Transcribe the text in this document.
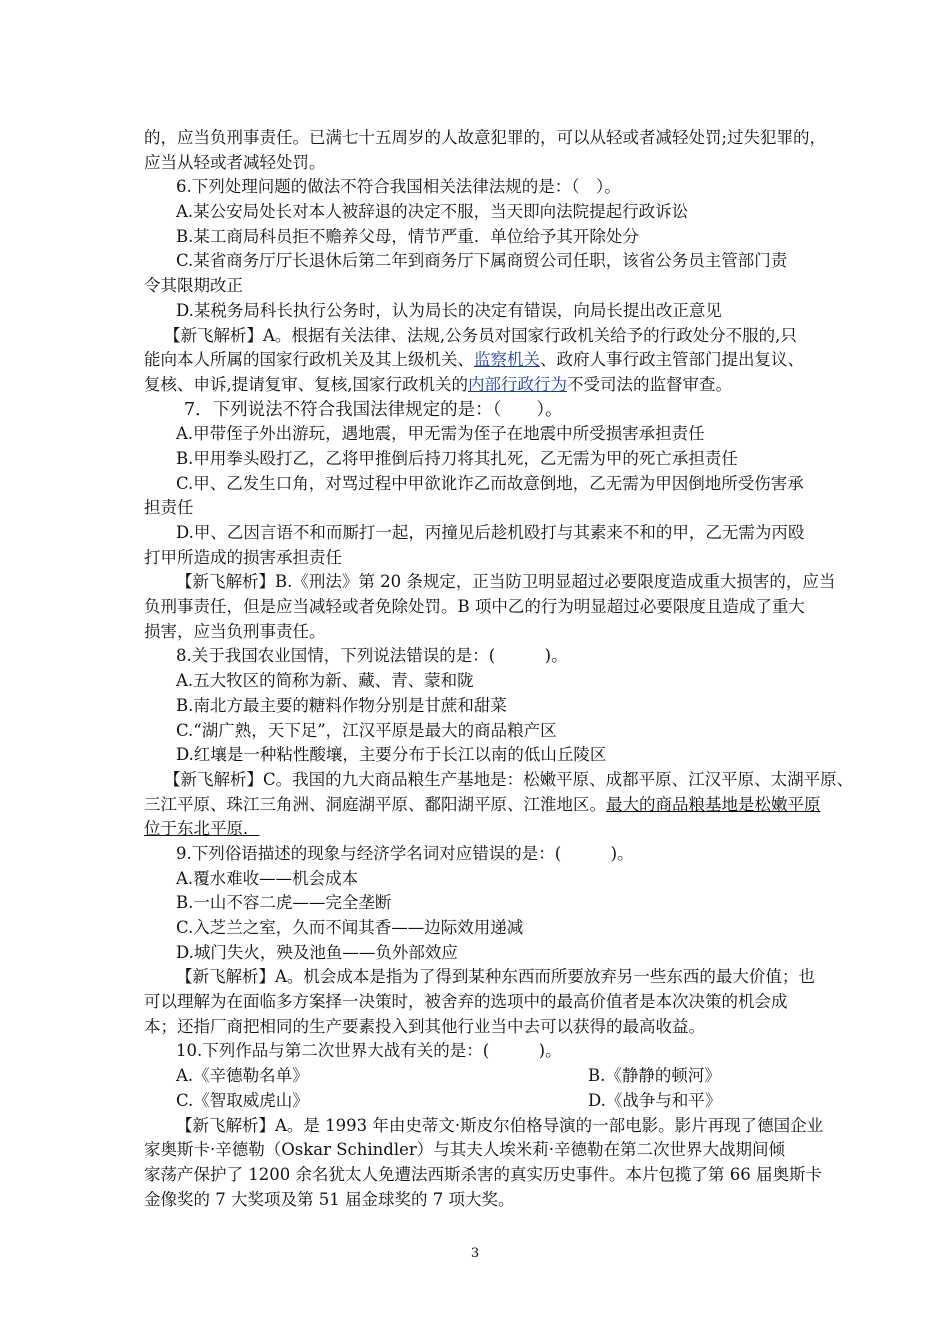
的，应当负刑事责任。已满七十五周岁的人故意犯罪的，可以从轻或者减轻处罚;过失犯罪的，
应当从轻或者减轻处罚。
6.下列处理问题的做法不符合我国相关法律法规的是：（　）。
A.某公安局处长对本人被辞退的决定不服，当天即向法院提起行政诉讼
B.某工商局科员拒不赡养父母，情节严重．单位给予其开除处分
C.某省商务厅厅长退休后第二年到商务厅下属商贸公司任职，该省公务员主管部门责
令其限期改正
D.某税务局科长执行公务时，认为局长的决定有错误，向局长提出改正意见
【新飞解析】A。根据有关法律、法规,公务员对国家行政机关给予的行政处分不服的,只
能向本人所属的国家行政机关及其上级机关、监察机关、政府人事行政主管部门提出复议、
复核、申诉,提请复审、复核,国家行政机关的内部行政行为不受司法的监督审查。
7．下列说法不符合我国法律规定的是：（　　）。
A.甲带侄子外出游玩，遇地震，甲无需为侄子在地震中所受损害承担责任
B.甲用拳头殴打乙，乙将甲推倒后持刀将其扎死，乙无需为甲的死亡承担责任
C.甲、乙发生口角，对骂过程中甲欲讹诈乙而故意倒地，乙无需为甲因倒地所受伤害承
担责任
D.甲、乙因言语不和而厮打一起，丙撞见后趁机殴打与其素来不和的甲，乙无需为丙殴
打甲所造成的损害承担责任
【新飞解析】B.《刑法》第 20 条规定，正当防卫明显超过必要限度造成重大损害的，应当
负刑事责任，但是应当减轻或者免除处罚。B 项中乙的行为明显超过必要限度且造成了重大
损害，应当负刑事责任。
8.关于我国农业国情，下列说法错误的是：(　　　)。
A.五大牧区的简称为新、藏、青、蒙和陇
B.南北方最主要的糖料作物分别是甘蔗和甜菜
C.“湖广熟，天下足”，江汉平原是最大的商品粮产区
D.红壤是一种粘性酸壤，主要分布于长江以南的低山丘陵区
【新飞解析】C。我国的九大商品粮生产基地是：松嫩平原、成都平原、江汉平原、太湖平原、
三江平原、珠江三角洲、洞庭湖平原、鄱阳湖平原、江淮地区。最大的商品粮基地是松嫩平原
位于东北平原．
9.下列俗语描述的现象与经济学名词对应错误的是：(　　　)。
A.覆水难收——机会成本
B.一山不容二虎——完全垄断
C.入芝兰之室，久而不闻其香——边际效用递减
D.城门失火，殃及池鱼——负外部效应
【新飞解析】A。机会成本是指为了得到某种东西而所要放弃另一些东西的最大价值；也
可以理解为在面临多方案择一决策时，被舍弃的选项中的最高价值者是本次决策的机会成
本；还指厂商把相同的生产要素投入到其他行业当中去可以获得的最高收益。
10.下列作品与第二次世界大战有关的是：(　　　)。
A.《辛德勒名单》	B.《静静的顿河》
C.《智取威虎山》	D.《战争与和平》
【新飞解析】A。是 1993 年由史蒂文·斯皮尔伯格导演的一部电影。影片再现了德国企业
家奥斯卡·辛德勒（Oskar Schindler）与其夫人埃米莉·辛德勒在第二次世界大战期间倾
家荡产保护了 1200 余名犹太人免遭法西斯杀害的真实历史事件。本片包揽了第 66 届奥斯卡
金像奖的 7 大奖项及第 51 届金球奖的 7 项大奖。
3
